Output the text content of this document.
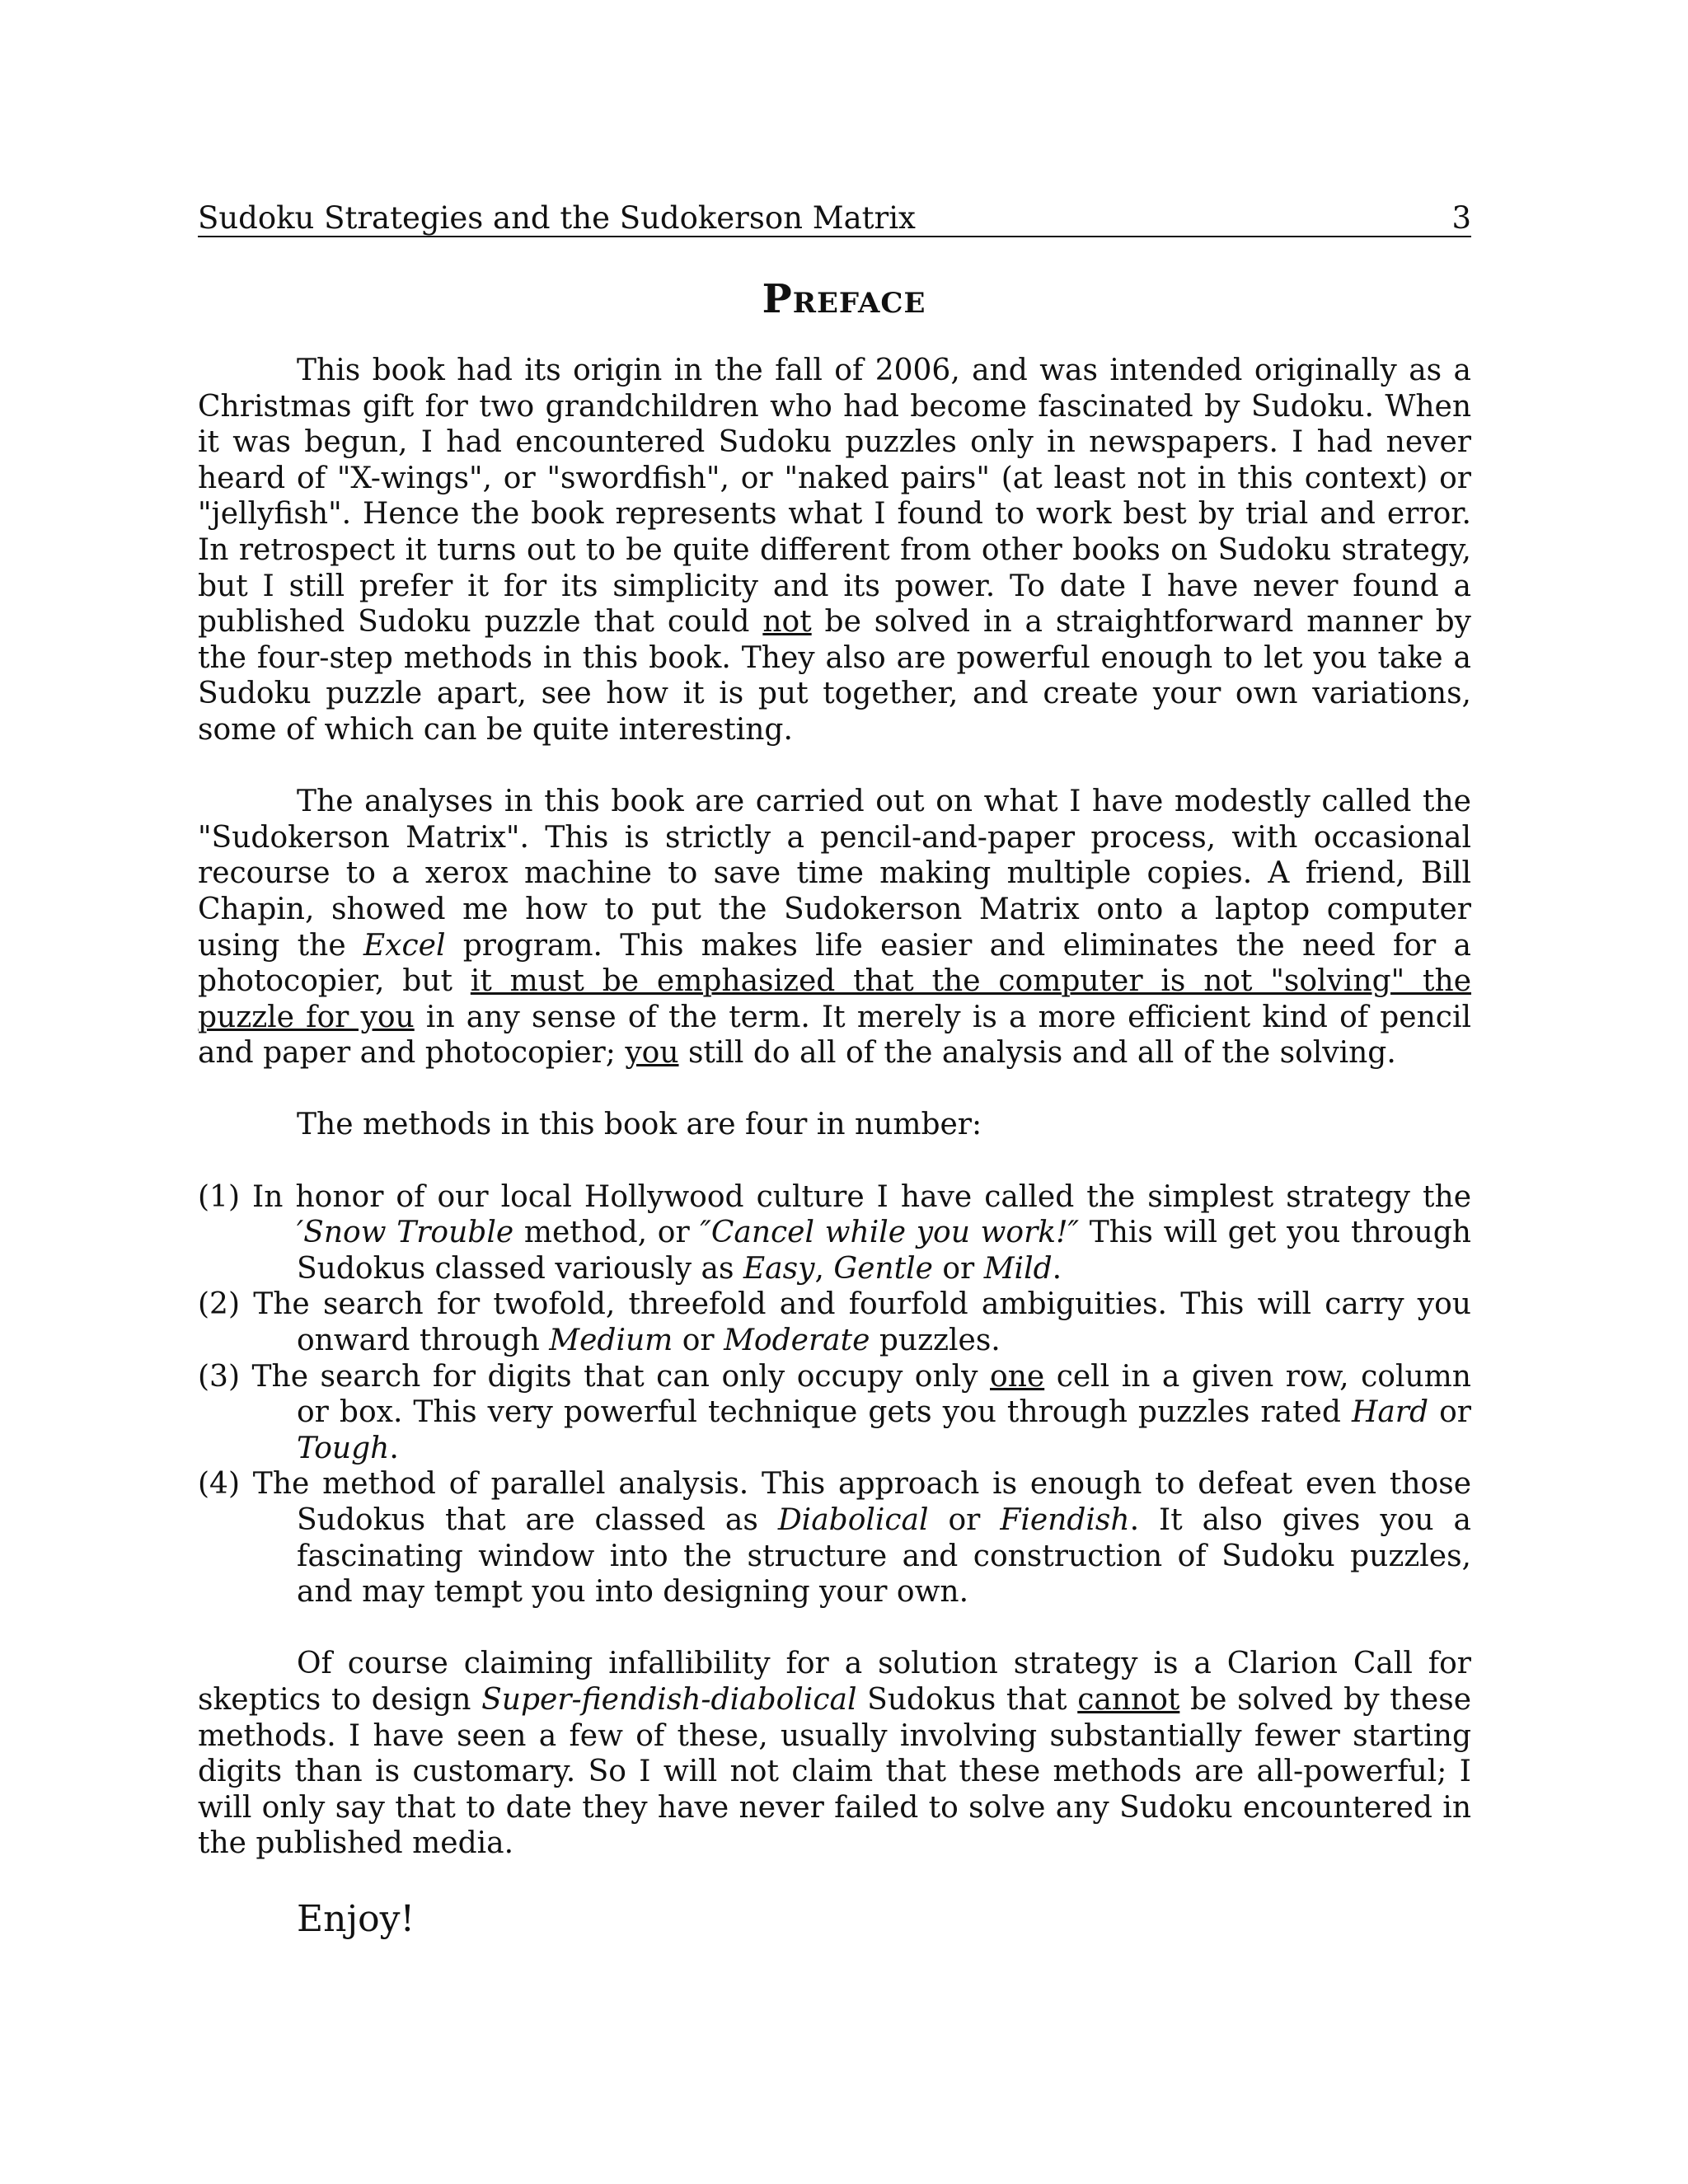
Sudoku Strategies and the Sudokerson Matrix	3
Preface

This book had its origin in the fall of 2006, and was intended originally as a Christmas gift for two grandchildren who had become fascinated by Sudoku. When it was begun, I had encountered Sudoku puzzles only in newspapers. I had never heard of "X-wings", or "swordfish", or "naked pairs" (at least not in this context) or "jellyfish". Hence the book represents what I found to work best by trial and error. In retrospect it turns out to be quite different from other books on Sudoku strategy, but I still prefer it for its simplicity and its power. To date I have never found a published Sudoku puzzle that could not be solved in a straightforward manner by the four-step methods in this book. They also are powerful enough to let you take a Sudoku puzzle apart, see how it is put together, and create your own variations, some of which can be quite interesting.

The analyses in this book are carried out on what I have modestly called the "Sudokerson Matrix". This is strictly a pencil-and-paper process, with occasional recourse to a xerox machine to save time making multiple copies. A friend, Bill Chapin, showed me how to put the Sudokerson Matrix onto a laptop computer using the Excel program. This makes life easier and eliminates the need for a photocopier, but it must be emphasized that the computer is not "solving" the puzzle for you in any sense of the term. It merely is a more efficient kind of pencil and paper and photocopier; you still do all of the analysis and all of the solving.

The methods in this book are four in number:

(1) In honor of our local Hollywood culture I have called the simplest strategy the ′Snow Trouble method, or ″Cancel while you work!″ This will get you through Sudokus classed variously as Easy, Gentle or Mild.

(2) The search for twofold, threefold and fourfold ambiguities. This will carry you onward through Medium or Moderate puzzles.

(3) The search for digits that can only occupy only one cell in a given row, column or box. This very powerful technique gets you through puzzles rated Hard or Tough.

(4) The method of parallel analysis. This approach is enough to defeat even those Sudokus that are classed as Diabolical or Fiendish. It also gives you a fascinating window into the structure and construction of Sudoku puzzles, and may tempt you into designing your own.

Of course claiming infallibility for a solution strategy is a Clarion Call for skeptics to design Super-fiendish-diabolical Sudokus that cannot be solved by these methods. I have seen a few of these, usually involving substantially fewer starting digits than is customary. So I will not claim that these methods are all-powerful; I will only say that to date they have never failed to solve any Sudoku encountered in the published media.

Enjoy!
